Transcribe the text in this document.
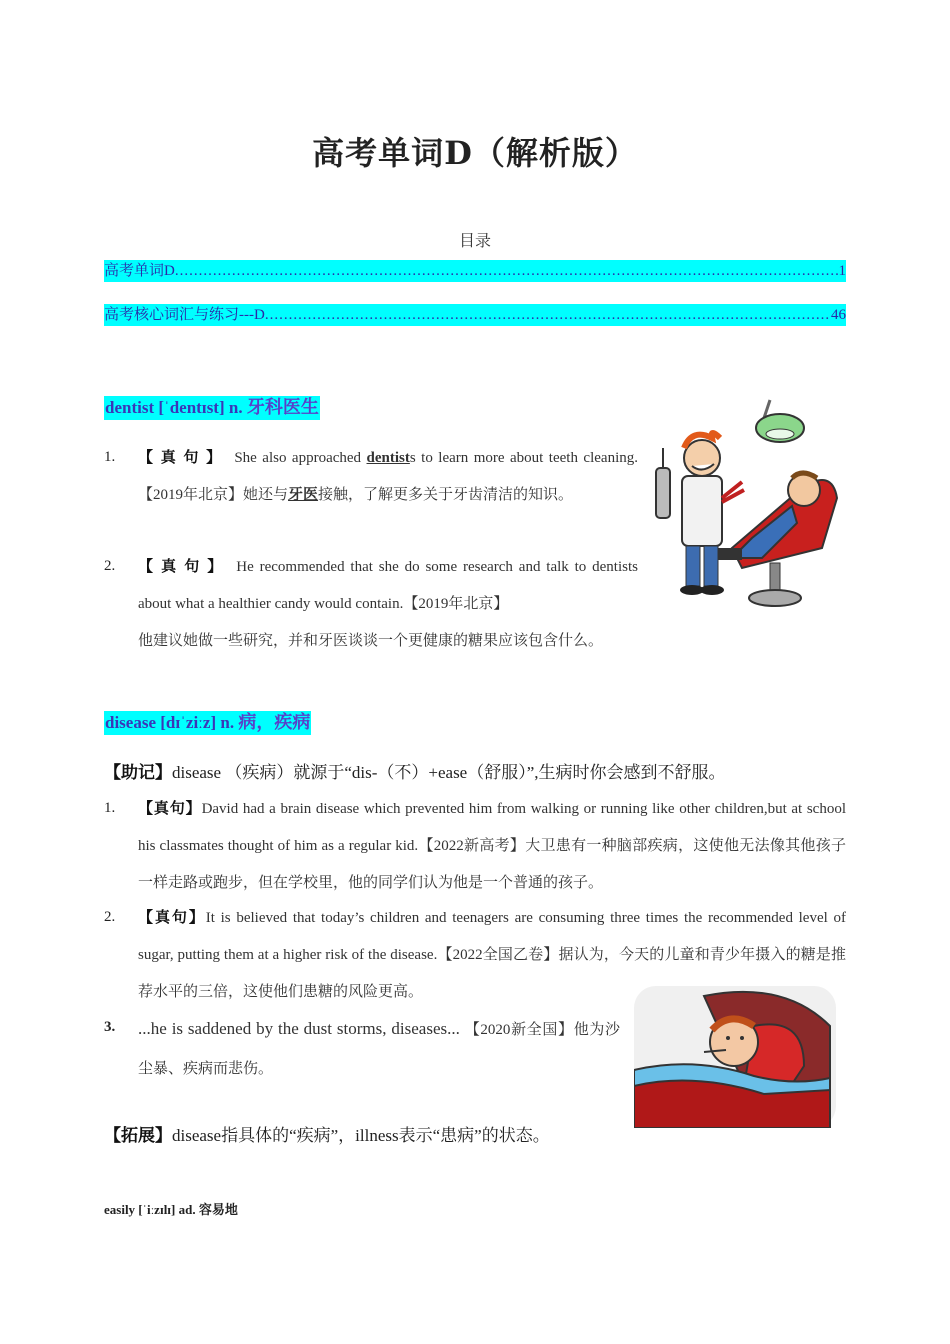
高考单词D（解析版）
目录
高考单词D .....	1
高考核心词汇与练习---D .....	46
dentist [ˈdentɪst] n. 牙科医生
1. 【真句】 She also approached dentists to learn more about teeth cleaning. 【2019年北京】她还与牙医接触，了解更多关于牙齿清洁的知识。
2. 【真句】 He recommended that she do some research and talk to dentists about what a healthier candy would contain.【2019年北京】
他建议她做一些研究，并和牙医谈谈一个更健康的糖果应该包含什么。
disease [dɪˈziːz] n. 病，疾病
【助记】disease （疾病）就源于“dis-（不）+ease（舒服）”,生病时你会感到不舒服。
1. 【真句】David had a brain disease which prevented him from walking or running like other children,but at school his classmates thought of him as a regular kid.【2022新高考】大卫患有一种脑部疾病，这使他无法像其他孩子一样走路或跑步，但在学校里，他的同学们认为他是一个普通的孩子。
2. 【真句】It is believed that today’s children and teenagers are consuming three times the recommended level of sugar, putting them at a higher risk of the disease.【2022全国乙卷】据认为，今天的儿童和青少年摄入的糖是推荐水平的三倍，这使他们患糖的风险更高。
3. ...he is saddened by the dust storms, diseases... 【2020新全国】他为沙尘暴、疾病而悲伤。
【拓展】disease指具体的“疾病”，illness表示“患病”的状态。
easily [ˈiːzɪlɪ] ad. 容易地
